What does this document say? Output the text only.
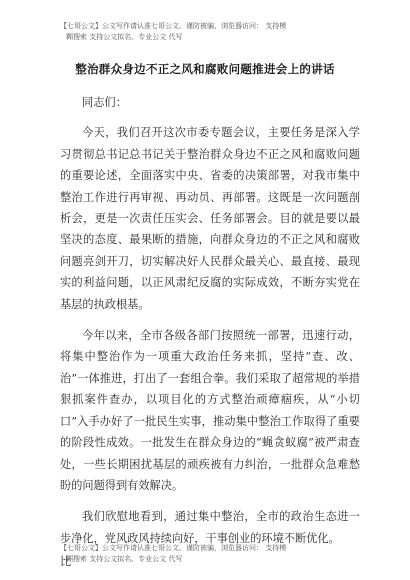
【七哥公文】公文写作请认准七哥公文、谨防被骗，浏览器访问： 支持模
糊搜索 支持公文拟名、专业公文 代写
整治群众身边不正之风和腐败问题推进会上的讲话

同志们：

今天，我们召开这次市委专题会议，主要任务是深入学习贯彻总书记总书记关于整治群众身边不正之风和腐败问题的重要论述，全面落实中央、省委的决策部署，对我市集中整治工作进行再审视、再动员、再部署。这既是一次问题剖析会，更是一次责任压实会、任务部署会。目的就是要以最坚决的态度、最果断的措施，向群众身边的不正之风和腐败问题亮剑开刀，切实解决好人民群众最关心、最直接、最现实的利益问题，以正风肃纪反腐的实际成效，不断夯实党在基层的执政根基。

今年以来，全市各级各部门按照统一部署，迅速行动，将集中整治作为一项重大政治任务来抓，坚持“查、改、治”一体推进，打出了一套组合拳。我们采取了超常规的举措狠抓案件查办，以项目化的方式整治顽瘴痼疾，从“小切口”入手办好了一批民生实事，推动集中整治工作取得了重要的阶段性成效。一批发生在群众身边的“蝇贪蚁腐”被严肃查处，一些长期困扰基层的顽疾被有力纠治，一批群众急难愁盼的问题得到有效解决。

我们欣慰地看到，通过集中整治，全市的政治生态进一步净化，党风政风持续向好，干事创业的环境不断优化。

比

【七哥公文】公文写作请认准七哥公文、谨防被骗，浏览器访问： 支持模
糊搜索 支持公文拟名、专业公文 代写
